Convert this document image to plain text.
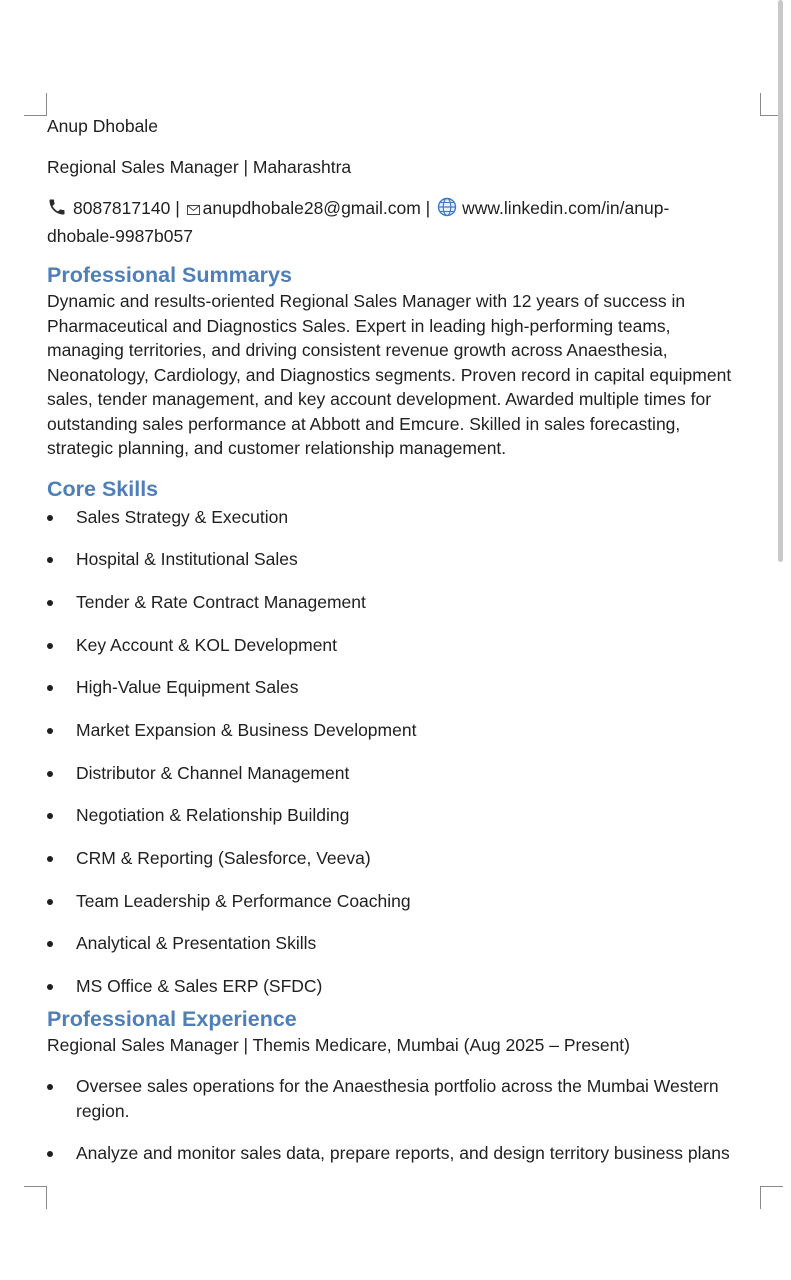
Anup Dhobale

Regional Sales Manager | Maharashtra

8087817140 | anupdhobale28@gmail.com | www.linkedin.com/in/anup-
dhobale-9987b057
Professional Summarys
Dynamic and results-oriented Regional Sales Manager with 12 years of success in
Pharmaceutical and Diagnostics Sales. Expert in leading high-performing teams,
managing territories, and driving consistent revenue growth across Anaesthesia,
Neonatology, Cardiology, and Diagnostics segments. Proven record in capital equipment
sales, tender management, and key account development. Awarded multiple times for
outstanding sales performance at Abbott and Emcure. Skilled in sales forecasting,
strategic planning, and customer relationship management.
Core Skills
Sales Strategy & Execution
Hospital & Institutional Sales
Tender & Rate Contract Management
Key Account & KOL Development
High-Value Equipment Sales
Market Expansion & Business Development
Distributor & Channel Management
Negotiation & Relationship Building
CRM & Reporting (Salesforce, Veeva)
Team Leadership & Performance Coaching
Analytical & Presentation Skills
MS Office & Sales ERP (SFDC)
Professional Experience

Regional Sales Manager | Themis Medicare, Mumbai (Aug 2025 – Present)

Oversee sales operations for the Anaesthesia portfolio across the Mumbai Western
region.
Analyze and monitor sales data, prepare reports, and design territory business plans
